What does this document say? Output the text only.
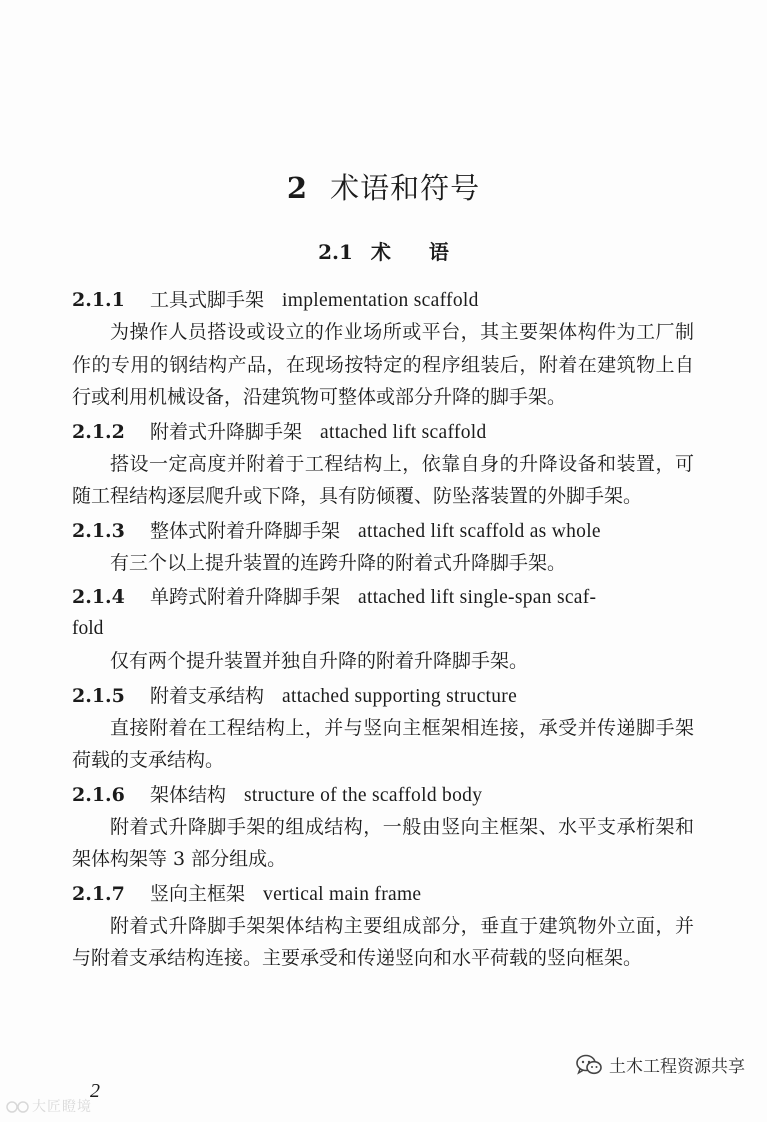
2 术语和符号
2.1 术 语
2.1.1 工具式脚手架 implementation scaffold
为操作人员搭设或设立的作业场所或平台，其主要架体构件为工厂制作的专用的钢结构产品，在现场按特定的程序组装后，附着在建筑物上自行或利用机械设备，沿建筑物可整体或部分升降的脚手架。
2.1.2 附着式升降脚手架 attached lift scaffold
搭设一定高度并附着于工程结构上，依靠自身的升降设备和装置，可随工程结构逐层爬升或下降，具有防倾覆、防坠落装置的外脚手架。
2.1.3 整体式附着升降脚手架 attached lift scaffold as whole
有三个以上提升装置的连跨升降的附着式升降脚手架。
2.1.4 单跨式附着升降脚手架 attached lift single-span scaf-
fold
仅有两个提升装置并独自升降的附着升降脚手架。
2.1.5 附着支承结构 attached supporting structure
直接附着在工程结构上，并与竖向主框架相连接，承受并传递脚手架荷载的支承结构。
2.1.6 架体结构 structure of the scaffold body
附着式升降脚手架的组成结构，一般由竖向主框架、水平支承桁架和架体构架等 3 部分组成。
2.1.7 竖向主框架 vertical main frame
附着式升降脚手架架体结构主要组成部分，垂直于建筑物外立面，并与附着支承结构连接。主要承受和传递竖向和水平荷载的竖向框架。
2
大匠瞪境
土木工程资源共享
